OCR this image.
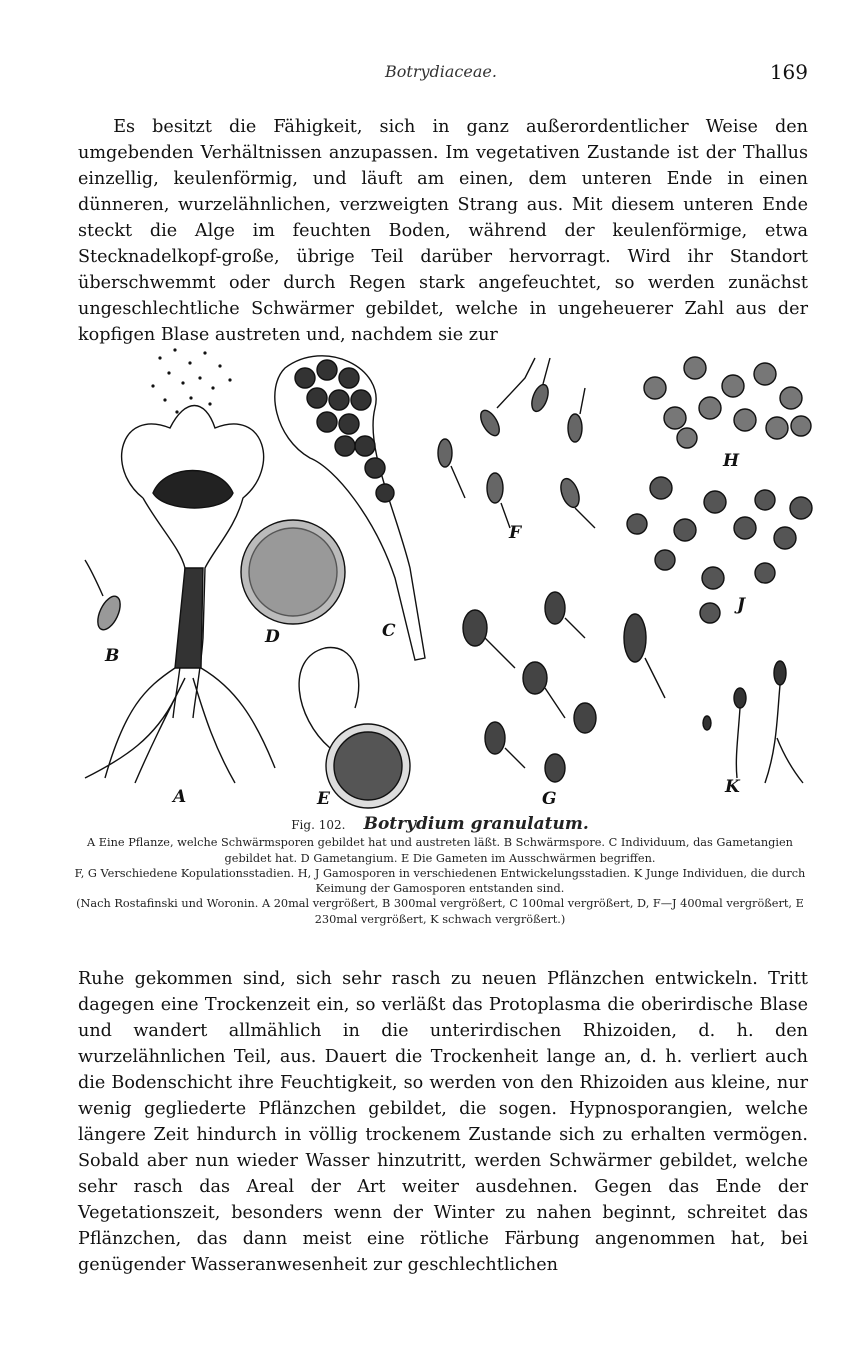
Botrydiaceae.	169

Es besitzt die Fähigkeit, sich in ganz außerordentlicher Weise den umgebenden Verhältnissen anzupassen. Im vegetativen Zustande ist der Thallus einzellig, keulenförmig, und läuft am einen, dem unteren Ende in einen dünneren, wurzelähnlichen, verzweigten Strang aus. Mit diesem unteren Ende steckt die Alge im feuchten Boden, während der keulenförmige, etwa Stecknadelkopf-große, übrige Teil darüber hervorragt. Wird ihr Standort überschwemmt oder durch Regen stark angefeuchtet, so werden zunächst ungeschlechtliche Schwärmer gebildet, welche in ungeheuerer Zahl aus der kopfigen Blase austreten und, nachdem sie zur

A
B
C
D
E
F
G
H
J
K
Fig. 102. Botrydium granulatum.
A Eine Pflanze, welche Schwärmsporen gebildet hat und austreten läßt. B Schwärmspore. C Individuum, das Gametangien gebildet hat. D Gametangium. E Die Gameten im Ausschwärmen begriffen.
F, G Verschiedene Kopulationsstadien. H, J Gamosporen in verschiedenen Entwickelungsstadien. K Junge Individuen, die durch Keimung der Gamosporen entstanden sind.
(Nach Rostafinski und Woronin. A 20mal vergrößert, B 300mal vergrößert, C 100mal vergrößert, D, F—J 400mal vergrößert, E 230mal vergrößert, K schwach vergrößert.)

Ruhe gekommen sind, sich sehr rasch zu neuen Pflänzchen entwickeln. Tritt dagegen eine Trockenzeit ein, so verläßt das Protoplasma die oberirdische Blase und wandert allmählich in die unterirdischen Rhizoiden, d. h. den wurzelähnlichen Teil, aus. Dauert die Trockenheit lange an, d. h. verliert auch die Bodenschicht ihre Feuchtigkeit, so werden von den Rhizoiden aus kleine, nur wenig gegliederte Pflänzchen gebildet, die sogen. Hypnosporangien, welche längere Zeit hindurch in völlig trockenem Zustande sich zu erhalten vermögen. Sobald aber nun wieder Wasser hinzutritt, werden Schwärmer gebildet, welche sehr rasch das Areal der Art weiter ausdehnen. Gegen das Ende der Vegetationszeit, besonders wenn der Winter zu nahen beginnt, schreitet das Pflänzchen, das dann meist eine rötliche Färbung angenommen hat, bei genügender Wasseranwesenheit zur geschlechtlichen
